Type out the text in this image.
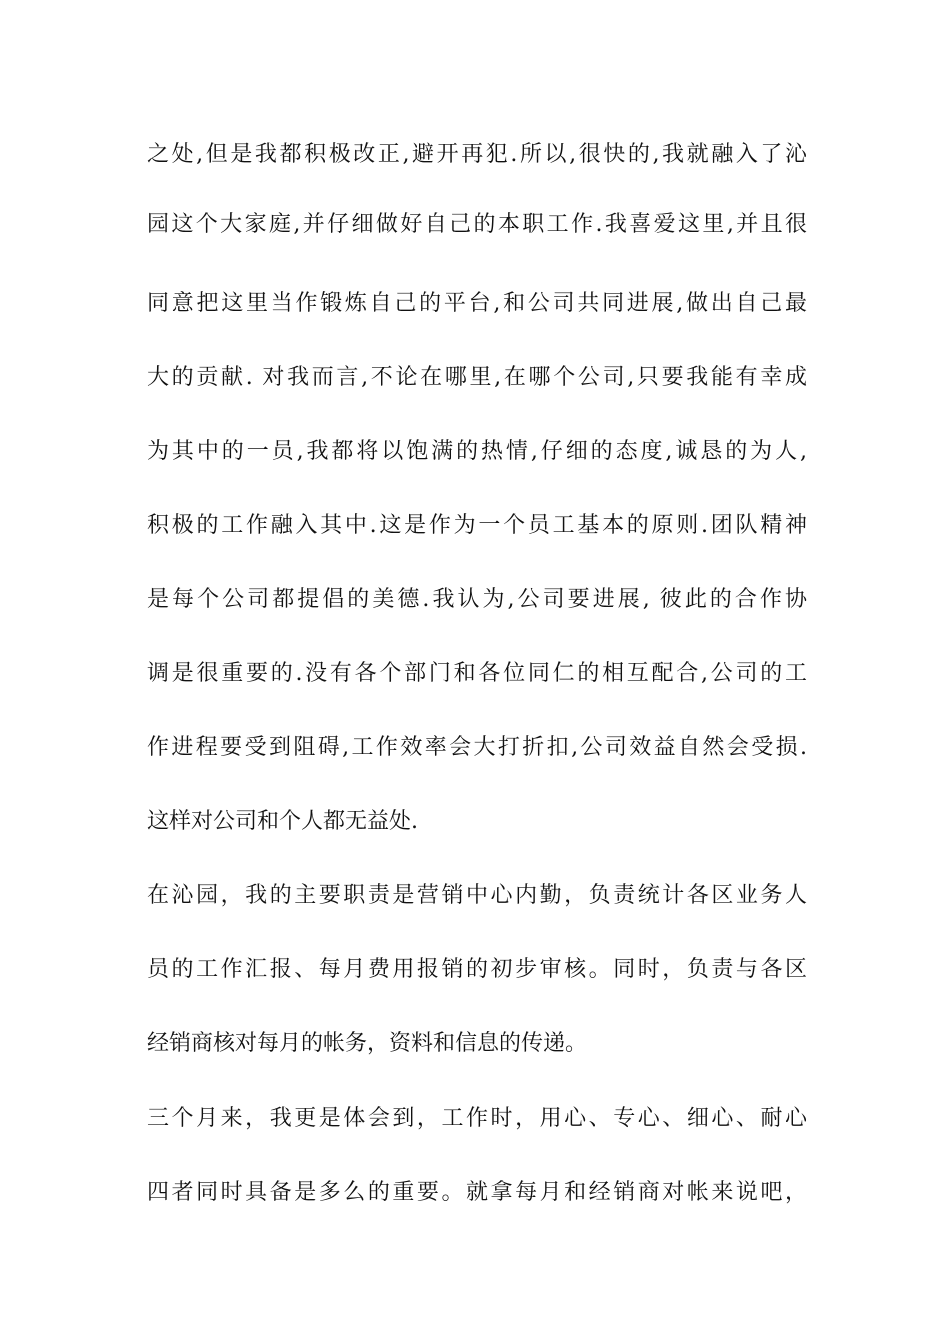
之处,但是我都积极改正,避开再犯.所以,很快的,我就融入了沁
园这个大家庭,并仔细做好自己的本职工作.我喜爱这里,并且很
同意把这里当作锻炼自己的平台,和公司共同进展,做出自己最
大的贡献. 对我而言,不论在哪里,在哪个公司,只要我能有幸成
为其中的一员,我都将以饱满的热情,仔细的态度,诚恳的为人,
积极的工作融入其中.这是作为一个员工基本的原则.团队精神
是每个公司都提倡的美德.我认为,公司要进展, 彼此的合作协
调是很重要的.没有各个部门和各位同仁的相互配合,公司的工
作进程要受到阻碍,工作效率会大打折扣,公司效益自然会受损.
这样对公司和个人都无益处.
在沁园，我的主要职责是营销中心内勤，负责统计各区业务人
员的工作汇报、每月费用报销的初步审核。同时，负责与各区
经销商核对每月的帐务，资料和信息的传递。
三个月来，我更是体会到，工作时，用心、专心、细心、耐心
四者同时具备是多么的重要。就拿每月和经销商对帐来说吧，
